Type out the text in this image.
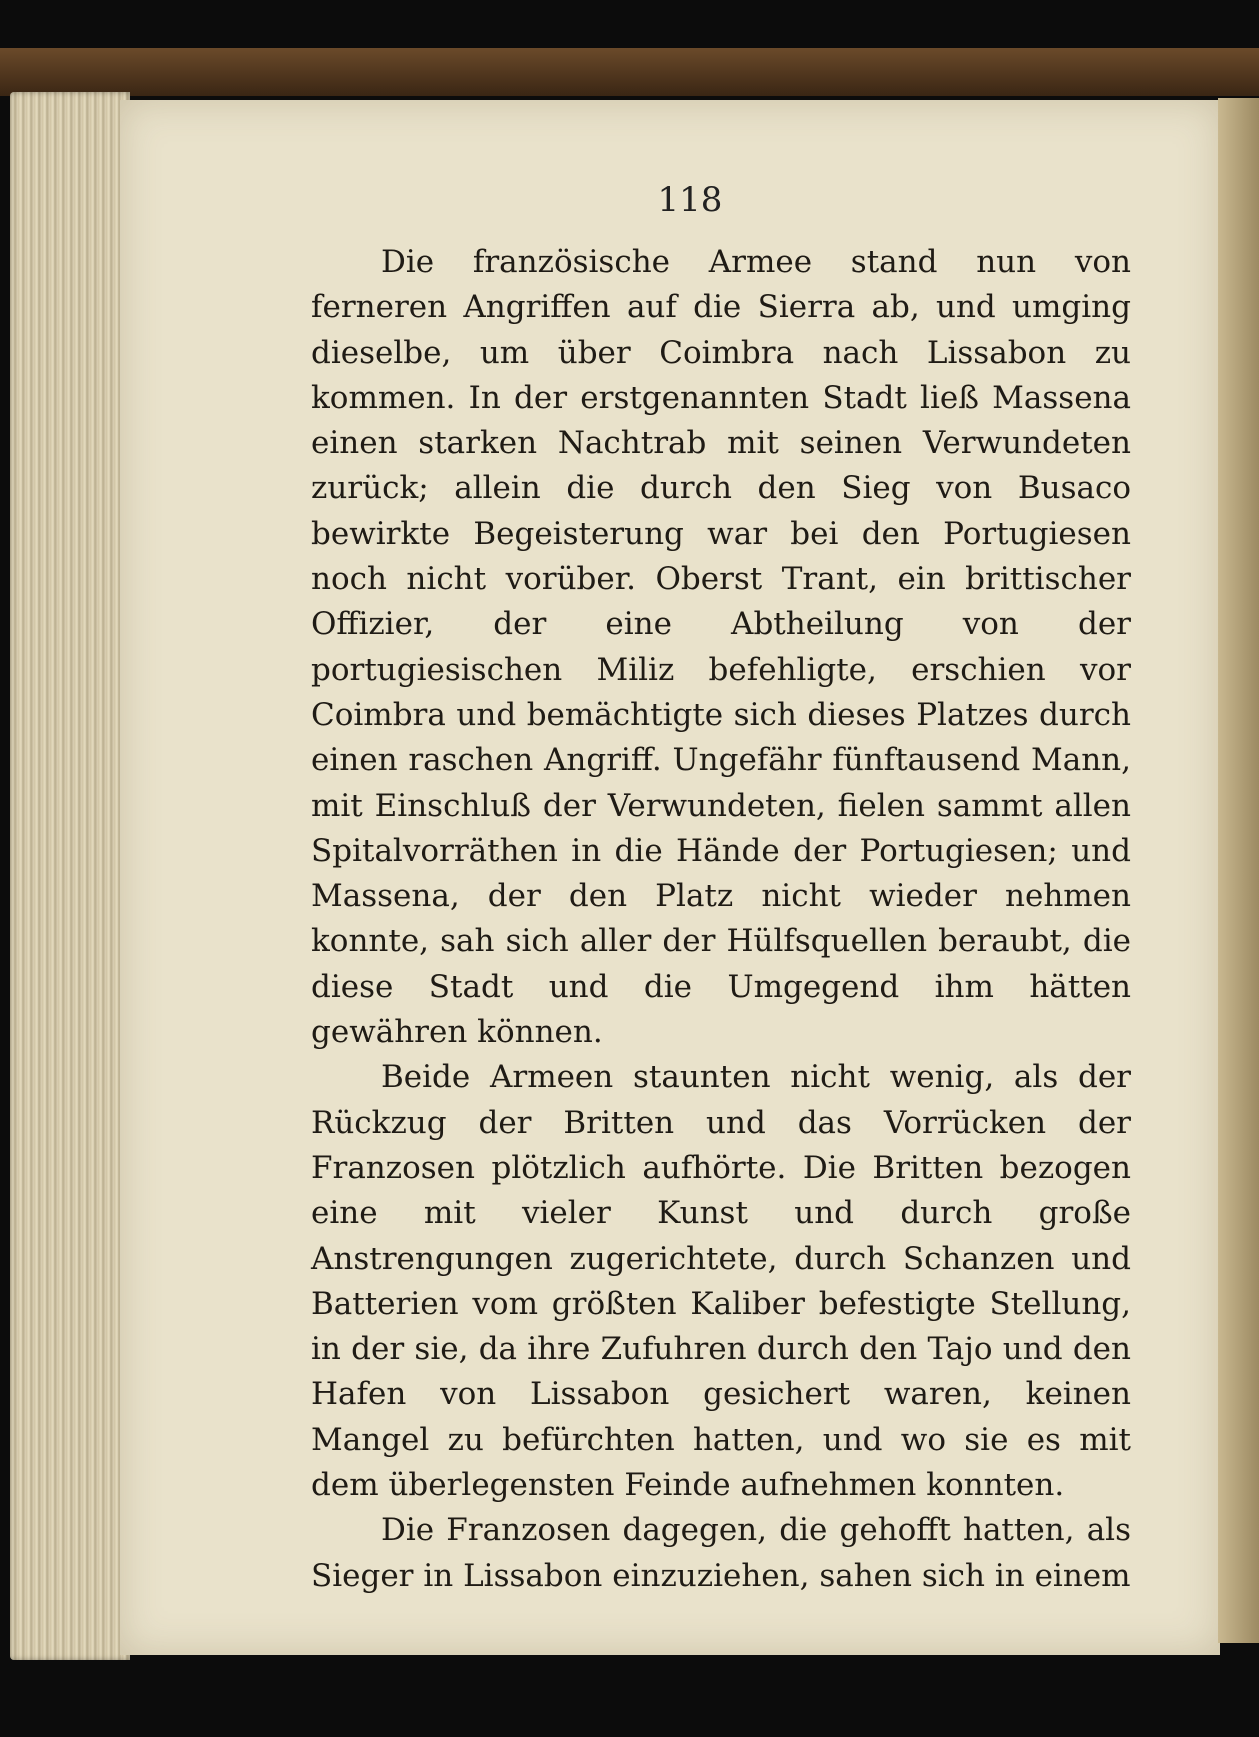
118

Die französische Armee stand nun von ferneren Angriffen auf die Sierra ab, und umging dieselbe, um über Coimbra nach Lissabon zu kommen. In der erstgenannten Stadt ließ Massena einen starken Nachtrab mit seinen Verwundeten zurück; allein die durch den Sieg von Busaco bewirkte Begeisterung war bei den Portugiesen noch nicht vorüber. Oberst Trant, ein brittischer Offizier, der eine Abtheilung von der portugiesischen Miliz befehligte, erschien vor Coimbra und bemächtigte sich dieses Platzes durch einen raschen Angriff. Ungefähr fünftausend Mann, mit Einschluß der Verwundeten, fielen sammt allen Spitalvorräthen in die Hände der Portugiesen; und Massena, der den Platz nicht wieder nehmen konnte, sah sich aller der Hülfsquellen beraubt, die diese Stadt und die Umgegend ihm hätten gewähren können.

Beide Armeen staunten nicht wenig, als der Rückzug der Britten und das Vorrücken der Franzosen plötzlich aufhörte. Die Britten bezogen eine mit vieler Kunst und durch große Anstrengungen zugerichtete, durch Schanzen und Batterien vom größten Kaliber befestigte Stellung, in der sie, da ihre Zufuhren durch den Tajo und den Hafen von Lissabon gesichert waren, keinen Mangel zu befürchten hatten, und wo sie es mit dem überlegensten Feinde aufnehmen konnten.

Die Franzosen dagegen, die gehofft hatten, als Sieger in Lissabon einzuziehen, sahen sich in einem
